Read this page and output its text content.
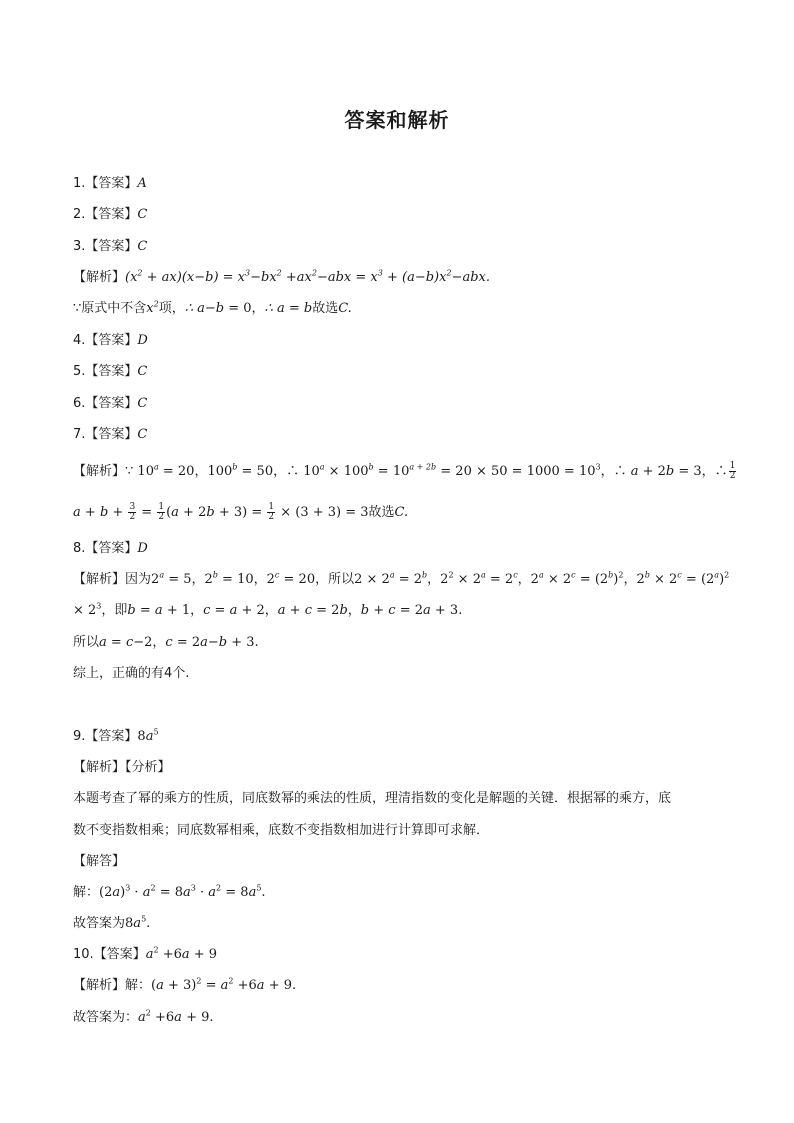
答案和解析
1.【答案】A
2.【答案】C
3.【答案】C
【解析】$(x^2 + ax)(x-b) = x^3-bx^2 +ax^2-abx = x^3 + (a-b)x^2-abx$.
∵原式中不含$x^2$项，∴ a−b = 0，∴ a = b故选C.
4.【答案】D
5.【答案】C
6.【答案】C
7.【答案】C
【解析】∵ $10^a = 20$，$100^b = 50$，∴ $10^a \times 100^b = 10^{a + 2b} = 20 \times 50 = 1000 = 10^3$，∴ a + 2b = 3，∴ $\frac{1}{2}$
$a + b + \frac{3}{2} = \frac{1}{2} (a + 2b + 3) = \frac{1}{2} \times (3 + 3) = 3$故选C.
8.【答案】D
【解析】因为$2^a = 5$，$2^b = 10$，$2^c = 20$，所以$2 \times 2^a = 2^b$，$2^2 \times 2^a = 2^c$，$2^a \times 2^c = (2^b)^2$，$2^b \times 2^c = (2^a)^2$
× $2^3$，即b = a + 1，c = a + 2，a + c = 2b，b + c = 2a + 3.
所以a = c−2，c = 2a−b + 3.
综上，正确的有4个.
9.【答案】$8a^5$
【解析】【分析】
本题考查了幂的乘方的性质，同底数幂的乘法的性质，理清指数的变化是解题的关键．根据幂的乘方，底
数不变指数相乘；同底数幂相乘，底数不变指数相加进行计算即可求解．
【解答】
解：$(2a)^3 \cdot a^2 = 8a^3 \cdot a^2 = 8a^5$.
故答案为$8a^5$.
10.【答案】$a^2 +6a + 9$
【解析】解：$(a + 3)^2 = a^2 +6a + 9$.
故答案为：$a^2 +6a + 9$.
